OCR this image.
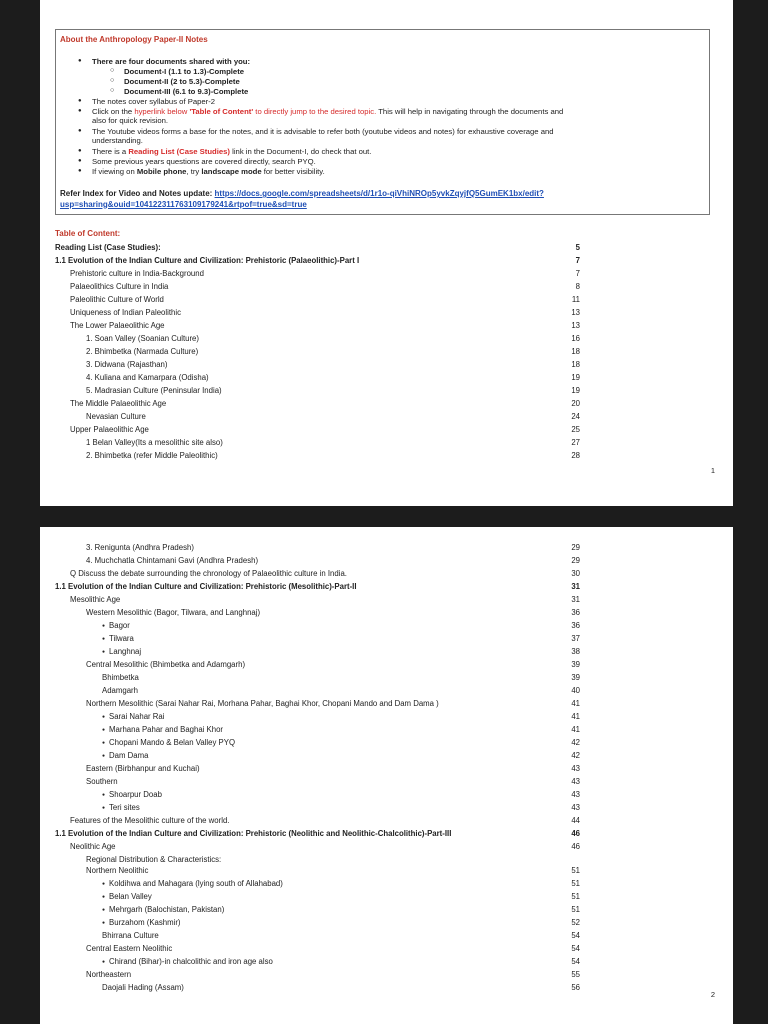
About the Anthropology Paper-II Notes
● There are four documents shared with you:
○ Document-I (1.1 to 1.3)-Complete
○ Document-II (2 to 5.3)-Complete
○ Document-III (6.1 to 9.3)-Complete
● The notes cover syllabus of Paper-2
● Click on the hyperlink below 'Table of Content' to directly jump to the desired topic. This will help in navigating through the documents and
also for quick revision.
● The Youtube videos forms a base for the notes, and it is advisable to refer both (youtube videos and notes) for exhaustive coverage and
understanding.
● There is a Reading List (Case Studies) link in the Document-I, do check that out.
● Some previous years questions are covered directly, search PYQ.
● If viewing on Mobile phone, try landscape mode for better visibility.
Refer Index for Video and Notes update: https://docs.google.com/spreadsheets/d/1r1o-qiVhiNROp5yvkZqyjfQ5GumEK1bx/edit?usp=sharing&ouid=104122311763109179241&rtpof=true&sd=true
Table of Content:
Reading List (Case Studies):	5
1.1 Evolution of the Indian Culture and Civilization: Prehistoric (Palaeolithic)-Part I	7
Prehistoric culture in India-Background	7
Palaeolithics Culture in India	8
Paleolithic Culture of World	11
Uniqueness of Indian Paleolithic	13
The Lower Palaeolithic Age	13
1. Soan Valley (Soanian Culture)	16
2. Bhimbetka (Narmada Culture)	18
3. Didwana (Rajasthan)	18
4. Kuliana and Kamarpara (Odisha)	19
5. Madrasian Culture (Peninsular India)	19
The Middle Palaeolithic Age	20
Nevasian Culture	24
Upper Palaeolithic Age	25
1 Belan Valley(Its a mesolithic site also)	27
2. Bhimbetka (refer Middle Paleolithic)	28
1
3. Renigunta (Andhra Pradesh)	29
4. Muchchatla Chintamani Gavi (Andhra Pradesh)	29
Q Discuss the debate surrounding the chronology of Palaeolithic culture in India.	30
1.1 Evolution of the Indian Culture and Civilization: Prehistoric (Mesolithic)-Part-II	31
Mesolithic Age	31
Western Mesolithic (Bagor, Tilwara, and Langhnaj)	36
● Bagor	36
● Tilwara	37
● Langhnaj	38
Central Mesolithic (Bhimbetka and Adamgarh)	39
Bhimbetka	39
Adamgarh	40
Northern Mesolithic (Sarai Nahar Rai, Morhana Pahar, Baghai Khor, Chopani Mando and Dam Dama )	41
● Sarai Nahar Rai	41
● Marhana Pahar and Baghai Khor	41
● Chopani Mando & Belan Valley PYQ	42
● Dam Dama	42
Eastern (Birbhanpur and Kuchai)	43
Southern	43
● Shoarpur Doab	43
● Teri sites	43
Features of the Mesolithic culture of the world.	44
1.1 Evolution of the Indian Culture and Civilization: Prehistoric (Neolithic and Neolithic-Chalcolithic)-Part-III	46
Neolithic Age	46
Regional Distribution & Characteristics:
Northern Neolithic	51
● Koldihwa and Mahagara (lying south of Allahabad)	51
● Belan Valley	51
● Mehrgarh (Balochistan, Pakistan)	51
● Burzahom (Kashmir)	52
Bhirrana Culture	54
Central Eastern Neolithic	54
● Chirand (Bihar)-in chalcolithic and iron age also	54
Northeastern	55
Daojali Hading (Assam)	56
2
